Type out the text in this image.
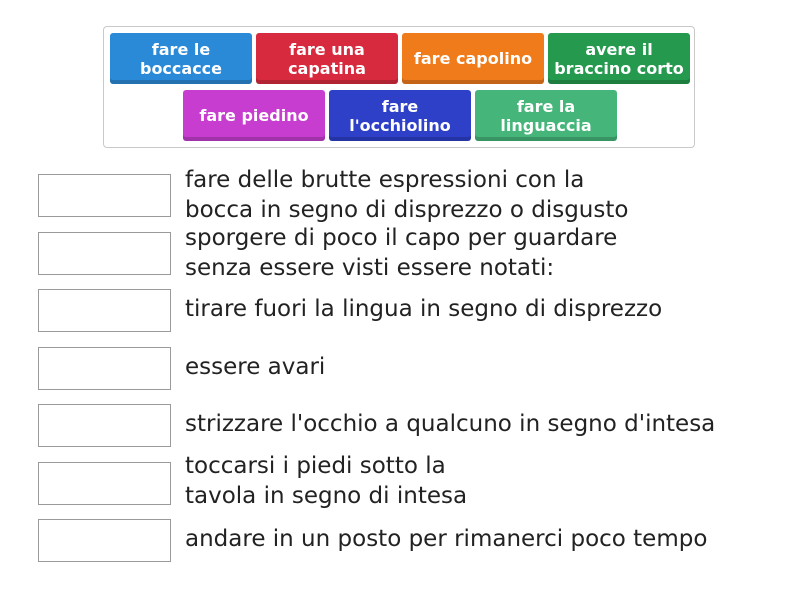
fare le
boccacce
fare una
capatina	fare capolino	avere il
braccino corto
fare piedino	fare
l'occhiolino
fare la
linguaccia
fare delle brutte espressioni con la
bocca in segno di disprezzo o disgusto
sporgere di poco il capo per guardare
senza essere visti essere notati:
tirare fuori la lingua in segno di disprezzo
essere avari
strizzare l'occhio a qualcuno in segno d'intesa
toccarsi i piedi sotto la
tavola in segno di intesa
andare in un posto per rimanerci poco tempo
